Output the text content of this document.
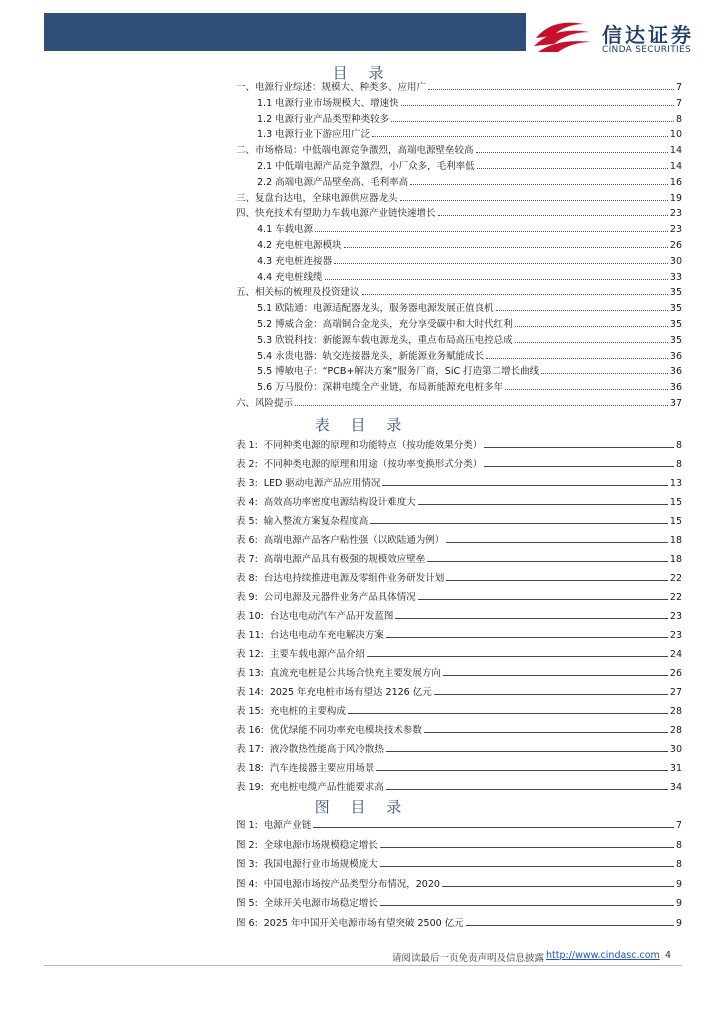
信达证券
CINDA SECURITIES
目 录
一、电源行业综述：规模大、种类多、应用广	7
1.1 电源行业市场规模大、增速快	7
1.2 电源行业产品类型种类较多	8
1.3 电源行业下游应用广泛	10
二、市场格局：中低端电源竞争激烈，高端电源壁垒较高	14
2.1 中低端电源产品竞争激烈，小厂众多，毛利率低	14
2.2 高端电源产品壁垒高、毛利率高	16
三、复盘台达电，全球电源供应器龙头	19
四、快充技术有望助力车载电源产业链快速增长	23
4.1 车载电源	23
4.2 充电桩电源模块	26
4.3 充电桩连接器	30
4.4 充电桩线缆	33
五、相关标的梳理及投资建议	35
5.1 欧陆通：电源适配器龙头，服务器电源发展正值良机	35
5.2 博威合金：高端铜合金龙头，充分享受碳中和大时代红利	35
5.3 欣锐科技：新能源车载电源龙头，重点布局高压电控总成	35
5.4 永贵电器：轨交连接器龙头，新能源业务赋能成长	36
5.5 博敏电子：“PCB+解决方案”服务厂商，SiC 打造第二增长曲线	36
5.6 万马股份：深耕电缆全产业链，布局新能源充电桩多年	36
六、风险提示	37
表 目 录
表 1: 不同种类电源的原理和功能特点（按功能效果分类）	8
表 2: 不同种类电源的原理和用途（按功率变换形式分类）	8
表 3: LED 驱动电源产品应用情况	13
表 4: 高效高功率密度电源结构设计难度大	15
表 5: 输入整流方案复杂程度高	15
表 6: 高端电源产品客户粘性强（以欧陆通为例）	18
表 7: 高端电源产品具有极强的规模效应壁垒	18
表 8: 台达电持续推进电源及零组件业务研发计划	22
表 9: 公司电源及元器件业务产品具体情况	22
表 10: 台达电电动汽车产品开发蓝图	23
表 11: 台达电电动车充电解决方案	23
表 12: 主要车载电源产品介绍	24
表 13: 直流充电桩是公共场合快充主要发展方向	26
表 14: 2025 年充电桩市场有望达 2126 亿元	27
表 15: 充电桩的主要构成	28
表 16: 优优绿能不同功率充电模块技术参数	28
表 17: 液冷散热性能高于风冷散热	30
表 18: 汽车连接器主要应用场景	31
表 19: 充电桩电缆产品性能要求高	34
图 目 录
图 1: 电源产业链	7
图 2: 全球电源市场规模稳定增长	8
图 3: 我国电源行业市场规模庞大	8
图 4: 中国电源市场按产品类型分布情况，2020	9
图 5: 全球开关电源市场稳定增长	9
图 6: 2025 年中国开关电源市场有望突破 2500 亿元	9
请阅读最后一页免责声明及信息披露 http://www.cindasc.com 4
